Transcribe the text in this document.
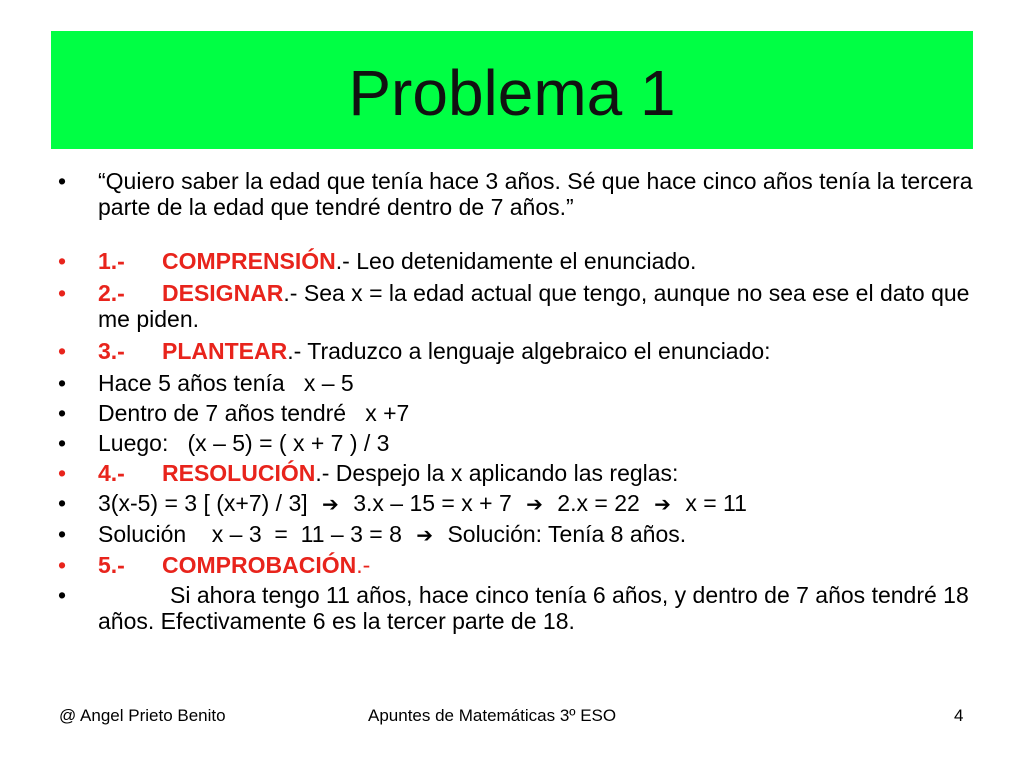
Problema 1
•	“Quiero saber la edad que tenía hace 3 años. Sé que hace cinco años tenía la tercera parte de la edad que tendré dentro de 7 años.”
•	1.- COMPRENSIÓN.- Leo detenidamente el enunciado.
•	2.- DESIGNAR.- Sea x = la edad actual que tengo, aunque no sea ese el dato que me piden.
•	3.- PLANTEAR.- Traduzco a lenguaje algebraico el enunciado:
•	Hace 5 años tenía   x – 5
•	Dentro de 7 años tendré   x +7
•	Luego:   (x – 5) = ( x + 7 ) / 3
•	4.- RESOLUCIÓN.- Despejo la x aplicando las reglas:
•	3(x-5) = 3 [ (x+7) / 3] ➔ 3.x – 15 = x + 7 ➔ 2.x = 22 ➔ x = 11
•	Solución    x – 3  =  11 – 3 = 8 ➔ Solución: Tenía 8 años.
•	5.- COMPROBACIÓN.-
•	Si ahora tengo 11 años, hace cinco tenía 6 años, y dentro de 7 años tendré 18 años. Efectivamente 6 es la tercer parte de 18.
@ Angel Prieto Benito	Apuntes de Matemáticas 3º ESO	4
